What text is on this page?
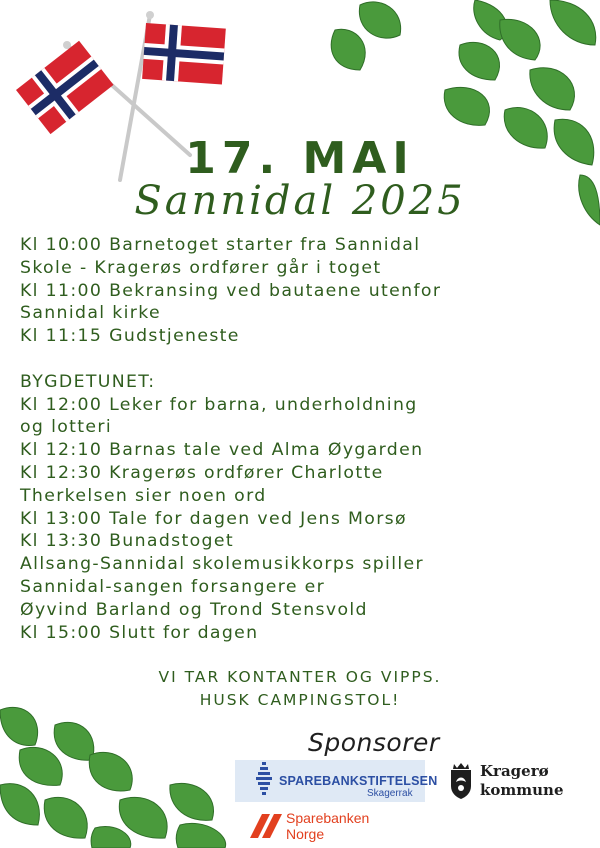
17. MAI
Sannidal 2025
Kl 10:00 Barnetoget starter fra Sannidal
Skole - Kragerøs ordfører går i toget
Kl 11:00 Bekransing ved bautaene utenfor
Sannidal kirke
Kl 11:15 Gudstjeneste
BYGDETUNET:
Kl 12:00 Leker for barna, underholdning
og lotteri
Kl 12:10 Barnas tale ved Alma Øygarden
Kl 12:30 Kragerøs ordfører Charlotte
Therkelsen sier noen ord
Kl 13:00 Tale for dagen ved Jens Morsø
Kl 13:30 Bunadstoget
Allsang-Sannidal skolemusikkorps spiller
Sannidal-sangen forsangere er
Øyvind Barland og Trond Stensvold
Kl 15:00 Slutt for dagen
VI TAR KONTANTER OG VIPPS.
HUSK CAMPINGSTOL!
Sponsorer
SPAREBANKSTIFTELSEN
Skagerrak
Kragerø
kommune
Sparebanken
Norge
